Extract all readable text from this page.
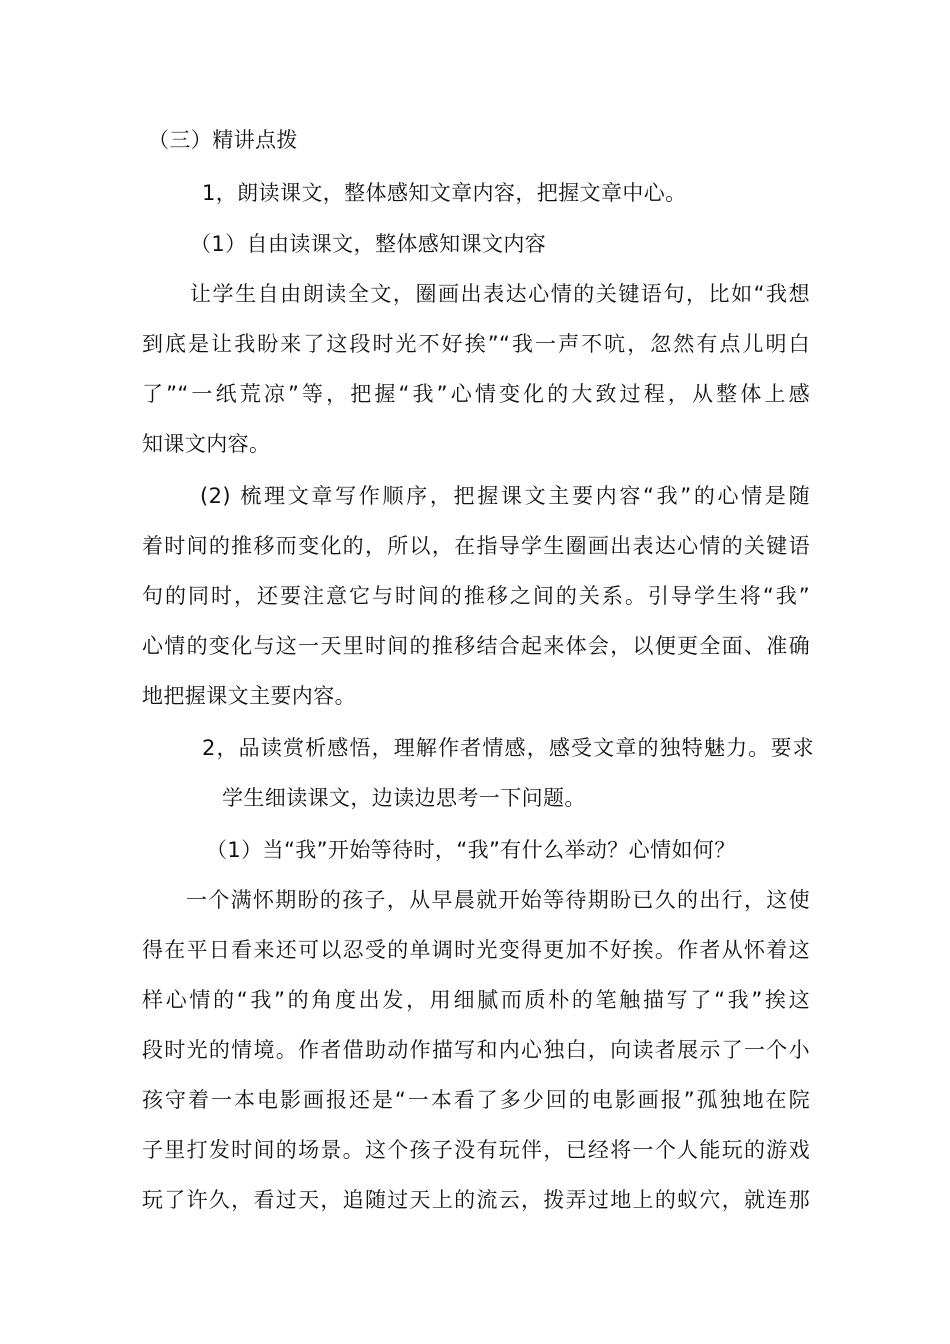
（三）精讲点拨
1，朗读课文，整体感知文章内容，把握文章中心。
（1）自由读课文，整体感知课文内容
让学生自由朗读全文，圈画出表达心情的关键语句，比如“我想
到底是让我盼来了这段时光不好挨”“我一声不吭，忽然有点儿明白
了”“一纸荒凉”等，把握“我”心情变化的大致过程，从整体上感
知课文内容。
(2) 梳理文章写作顺序，把握课文主要内容“我”的心情是随
着时间的推移而变化的，所以，在指导学生圈画出表达心情的关键语
句的同时，还要注意它与时间的推移之间的关系。引导学生将“我”
心情的变化与这一天里时间的推移结合起来体会，以便更全面、准确
地把握课文主要内容。
2，品读赏析感悟，理解作者情感，感受文章的独特魅力。要求
学生细读课文，边读边思考一下问题。
（1）当“我”开始等待时，“我”有什么举动？心情如何？
一个满怀期盼的孩子，从早晨就开始等待期盼已久的出行，这使
得在平日看来还可以忍受的单调时光变得更加不好挨。作者从怀着这
样心情的“我”的角度出发，用细腻而质朴的笔触描写了“我”挨这
段时光的情境。作者借助动作描写和内心独白，向读者展示了一个小
孩守着一本电影画报还是“一本看了多少回的电影画报”孤独地在院
子里打发时间的场景。这个孩子没有玩伴，已经将一个人能玩的游戏
玩了许久，看过天，追随过天上的流云，拨弄过地上的蚁穴，就连那
